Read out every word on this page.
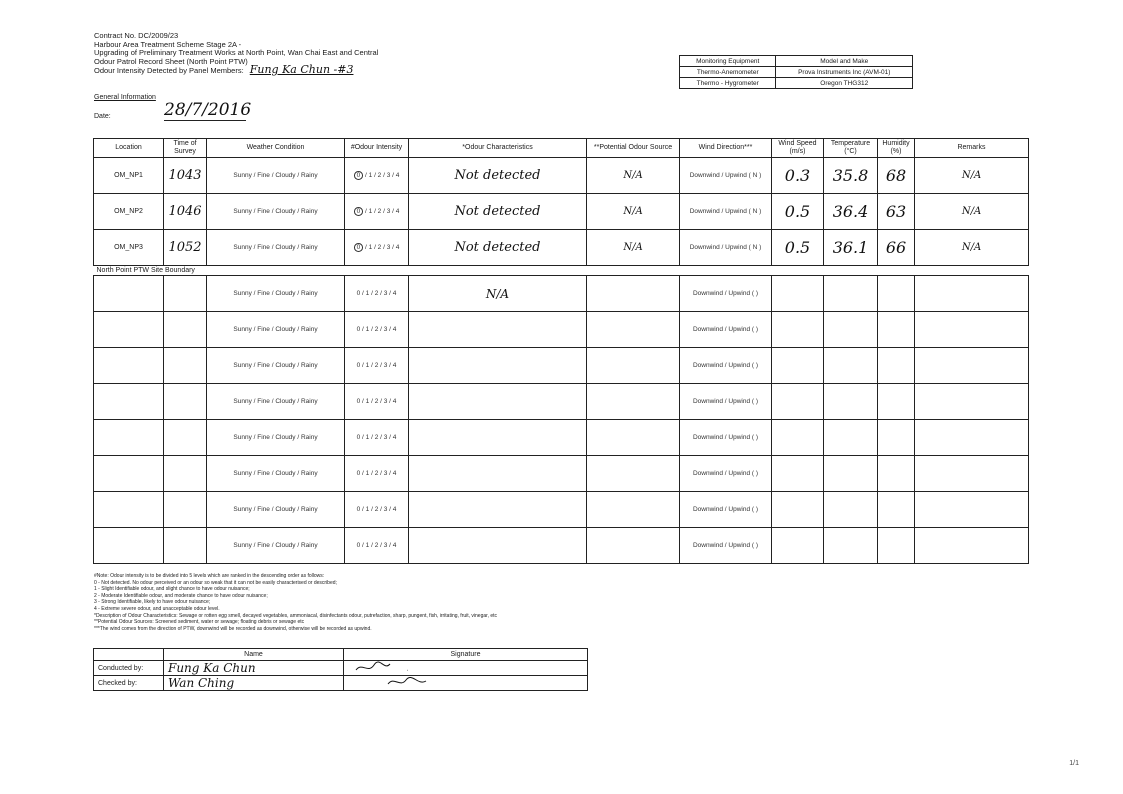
Contract No. DC/2009/23
Harbour Area Treatment Scheme Stage 2A -
Upgrading of Preliminary Treatment Works at North Point, Wan Chai East and Central
Odour Patrol Record Sheet (North Point PTW)
Odour Intensity Detected by Panel Members: Fung Ka Chun -#3
General Information
Date:	28/7/2016
Monitoring Equipment	Model and Make
Thermo-Anemometer	Prova Instruments Inc (AVM-01)
Thermo - Hygrometer	Oregon THG312
Location	Time of Survey	Weather Condition	#Odour Intensity	*Odour Characteristics	**Potential Odour Source	Wind Direction***	Wind Speed (m/s)	Temperature (°C)	Humidity (%)	Remarks
OM_NP1	1043	Sunny / Fine / Cloudy / Rainy	0 / 1 / 2 / 3 / 4	Not detected	N/A	Downwind / Upwind ( N )	0.3	35.8	68	N/A
OM_NP2	1046	Sunny / Fine / Cloudy / Rainy	0 / 1 / 2 / 3 / 4	Not detected	N/A	Downwind / Upwind ( N )	0.5	36.4	63	N/A
OM_NP3	1052	Sunny / Fine / Cloudy / Rainy	0 / 1 / 2 / 3 / 4	Not detected	N/A	Downwind / Upwind ( N )	0.5	36.1	66	N/A
North Point PTW Site Boundary										
		Sunny / Fine / Cloudy / Rainy	0 / 1 / 2 / 3 / 4	N/A		Downwind / Upwind ( )				
		Sunny / Fine / Cloudy / Rainy	0 / 1 / 2 / 3 / 4			Downwind / Upwind ( )				
		Sunny / Fine / Cloudy / Rainy	0 / 1 / 2 / 3 / 4			Downwind / Upwind ( )				
		Sunny / Fine / Cloudy / Rainy	0 / 1 / 2 / 3 / 4			Downwind / Upwind ( )				
		Sunny / Fine / Cloudy / Rainy	0 / 1 / 2 / 3 / 4			Downwind / Upwind ( )				
		Sunny / Fine / Cloudy / Rainy	0 / 1 / 2 / 3 / 4			Downwind / Upwind ( )				
		Sunny / Fine / Cloudy / Rainy	0 / 1 / 2 / 3 / 4			Downwind / Upwind ( )				
		Sunny / Fine / Cloudy / Rainy	0 / 1 / 2 / 3 / 4			Downwind / Upwind ( )				
#Note: Odour intensity is to be divided into 5 levels which are ranked in the descending order as follows:
0 - Not detected. No odour perceived or an odour so weak that it can not be easily characterised or described;
1 - Slight Identifiable odour, and slight chance to have odour nuisance;
2 - Moderate Identifiable odour, and moderate chance to have odour nuisance;
3 - Strong Identifiable, likely to have odour nuisance;
4 - Extreme severe odour, and unacceptable odour level.
*Description of Odour Characteristics: Sewage or rotten egg smell, decayed vegetables, ammoniacal, disinfectants odour, putrefaction, sharp, pungent, fish, irritating, fruit, vinegar, etc
**Potential Odour Sources: Screened sediment, water or sewage; floating debris or sewage etc
***The wind comes from the direction of PTW, downwind will be recorded as downwind, otherwise will be recorded as upwind.
	Name	Signature
Conducted by:	Fung Ka Chun	
Checked by:	Wan Ching	
1/1
